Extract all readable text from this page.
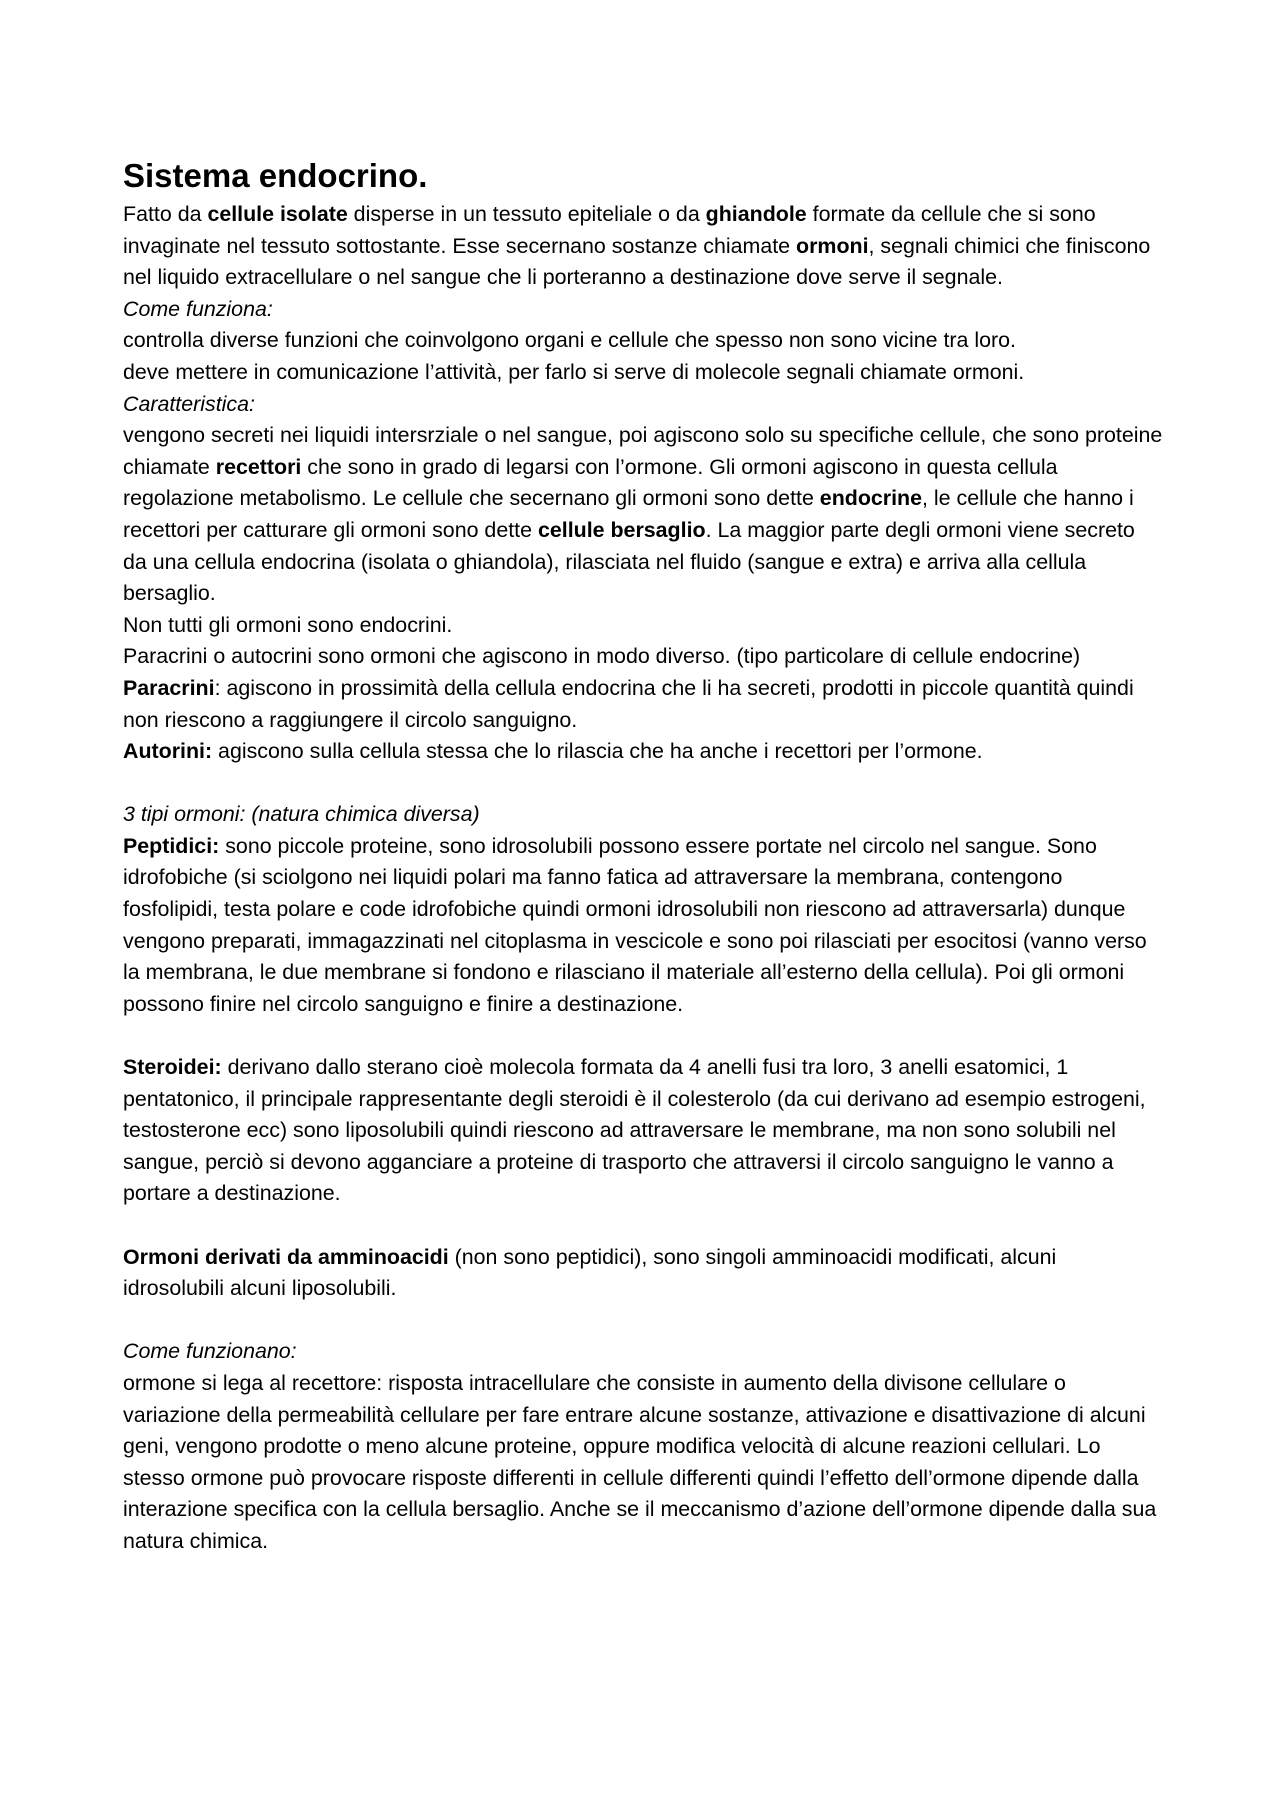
Sistema endocrino.

Fatto da cellule isolate disperse in un tessuto epiteliale o da ghiandole formate da cellule che si sono invaginate nel tessuto sottostante. Esse secernano sostanze chiamate ormoni, segnali chimici che finiscono nel liquido extracellulare o nel sangue che li porteranno a destinazione dove serve il segnale.

Come funziona:

controlla diverse funzioni che coinvolgono organi e cellule che spesso non sono vicine tra loro.

deve mettere in comunicazione l’attività, per farlo si serve di molecole segnali chiamate ormoni.

Caratteristica:

vengono secreti nei liquidi intersrziale o nel sangue, poi agiscono solo su specifiche cellule, che sono proteine chiamate recettori che sono in grado di legarsi con l’ormone. Gli ormoni agiscono in questa cellula regolazione metabolismo. Le cellule che secernano gli ormoni sono dette endocrine, le cellule che hanno i recettori per catturare gli ormoni sono dette cellule bersaglio. La maggior parte degli ormoni viene secreto da una cellula endocrina (isolata o ghiandola), rilasciata nel fluido (sangue e extra) e arriva alla cellula bersaglio.

Non tutti gli ormoni sono endocrini.

Paracrini o autocrini sono ormoni che agiscono in modo diverso. (tipo particolare di cellule endocrine)

Paracrini: agiscono in prossimità della cellula endocrina che li ha secreti, prodotti in piccole quantità quindi non riescono a raggiungere il circolo sanguigno.

Autorini: agiscono sulla cellula stessa che lo rilascia che ha anche i recettori per l’ormone.

3 tipi ormoni: (natura chimica diversa)

Peptidici: sono piccole proteine, sono idrosolubili possono essere portate nel circolo nel sangue. Sono idrofobiche (si sciolgono nei liquidi polari ma fanno fatica ad attraversare la membrana, contengono fosfolipidi, testa polare e code idrofobiche quindi ormoni idrosolubili non riescono ad attraversarla) dunque vengono preparati, immagazzinati nel citoplasma in vescicole e sono poi rilasciati per esocitosi (vanno verso la membrana, le due membrane si fondono e rilasciano il materiale all’esterno della cellula). Poi gli ormoni possono finire nel circolo sanguigno e finire a destinazione.

Steroidei: derivano dallo sterano cioè molecola formata da 4 anelli fusi tra loro, 3 anelli esatomici, 1 pentatonico, il principale rappresentante degli steroidi è il colesterolo (da cui derivano ad esempio estrogeni, testosterone ecc) sono liposolubili quindi riescono ad attraversare le membrane, ma non sono solubili nel sangue, perciò si devono agganciare a proteine di trasporto che attraversi il circolo sanguigno le vanno a portare a destinazione.

Ormoni derivati da amminoacidi (non sono peptidici), sono singoli amminoacidi modificati, alcuni idrosolubili alcuni liposolubili.

Come funzionano:

ormone si lega al recettore: risposta intracellulare che consiste in aumento della divisone cellulare o variazione della permeabilità cellulare per fare entrare alcune sostanze, attivazione e disattivazione di alcuni geni, vengono prodotte o meno alcune proteine, oppure modifica velocità di alcune reazioni cellulari. Lo stesso ormone può provocare risposte differenti in cellule differenti quindi l’effetto dell’ormone dipende dalla interazione specifica con la cellula bersaglio. Anche se il meccanismo d’azione dell’ormone dipende dalla sua natura chimica.
